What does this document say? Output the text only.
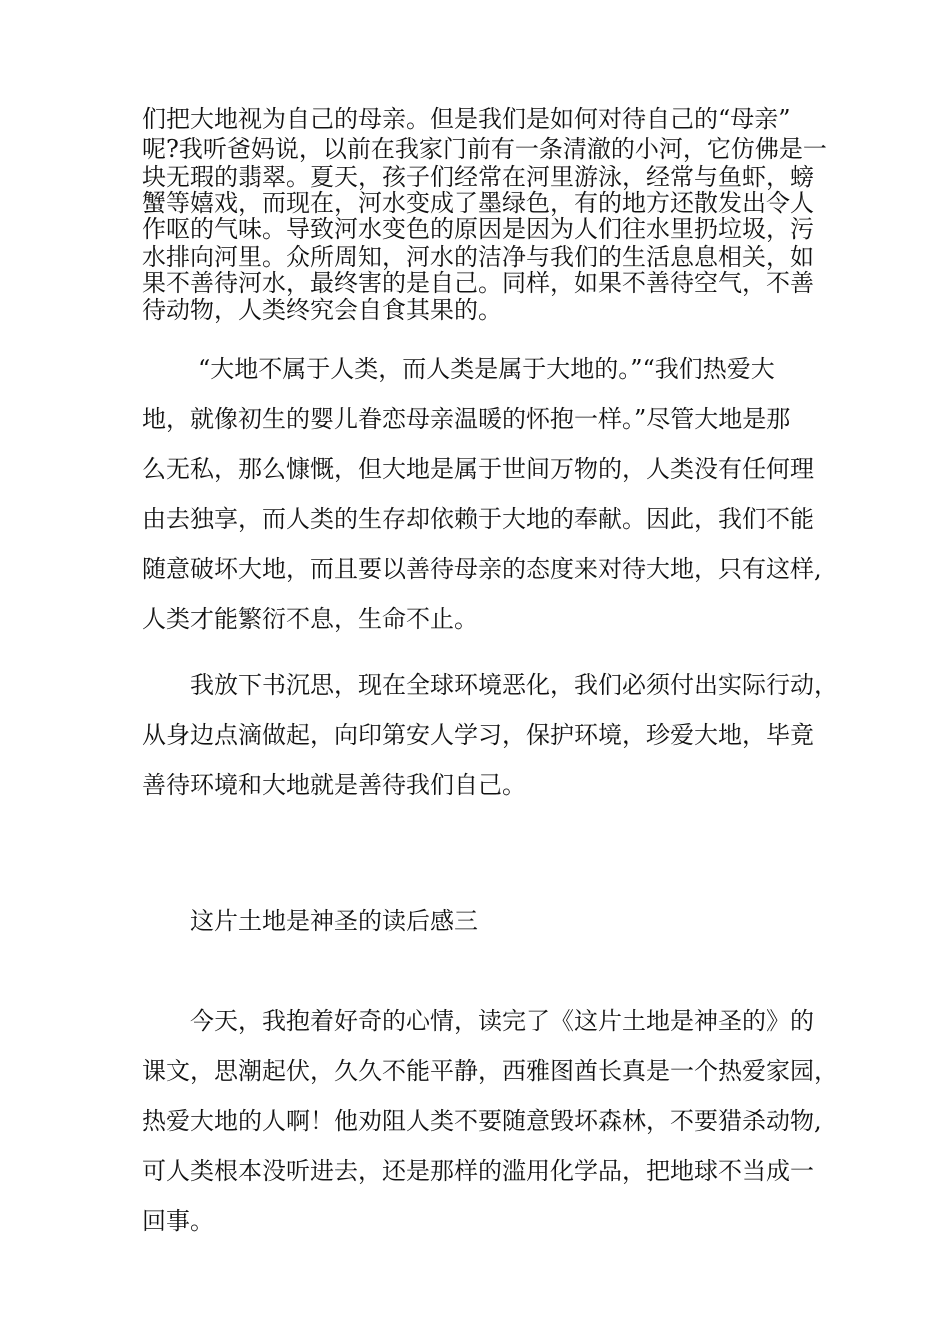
们把大地视为自己的母亲。但是我们是如何对待自己的“母亲”
呢?我听爸妈说，以前在我家门前有一条清澈的小河，它仿佛是一
块无瑕的翡翠。夏天，孩子们经常在河里游泳，经常与鱼虾，螃
蟹等嬉戏，而现在，河水变成了墨绿色，有的地方还散发出令人
作呕的气味。导致河水变色的原因是因为人们往水里扔垃圾，污
水排向河里。众所周知，河水的洁净与我们的生活息息相关，如
果不善待河水，最终害的是自己。同样，如果不善待空气，不善
待动物，人类终究会自食其果的。
“大地不属于人类，而人类是属于大地的。”“我们热爱大
地，就像初生的婴儿眷恋母亲温暖的怀抱一样。”尽管大地是那
么无私，那么慷慨，但大地是属于世间万物的，人类没有任何理
由去独享，而人类的生存却依赖于大地的奉献。因此，我们不能
随意破坏大地，而且要以善待母亲的态度来对待大地，只有这样,
人类才能繁衍不息，生命不止。
我放下书沉思，现在全球环境恶化，我们必须付出实际行动，
从身边点滴做起，向印第安人学习，保护环境，珍爱大地，毕竟
善待环境和大地就是善待我们自己。
这片土地是神圣的读后感三
今天，我抱着好奇的心情，读完了《这片土地是神圣的》的
课文，思潮起伏，久久不能平静，西雅图酋长真是一个热爱家园，
热爱大地的人啊！他劝阻人类不要随意毁坏森林，不要猎杀动物,
可人类根本没听进去，还是那样的滥用化学品，把地球不当成一
回事。
